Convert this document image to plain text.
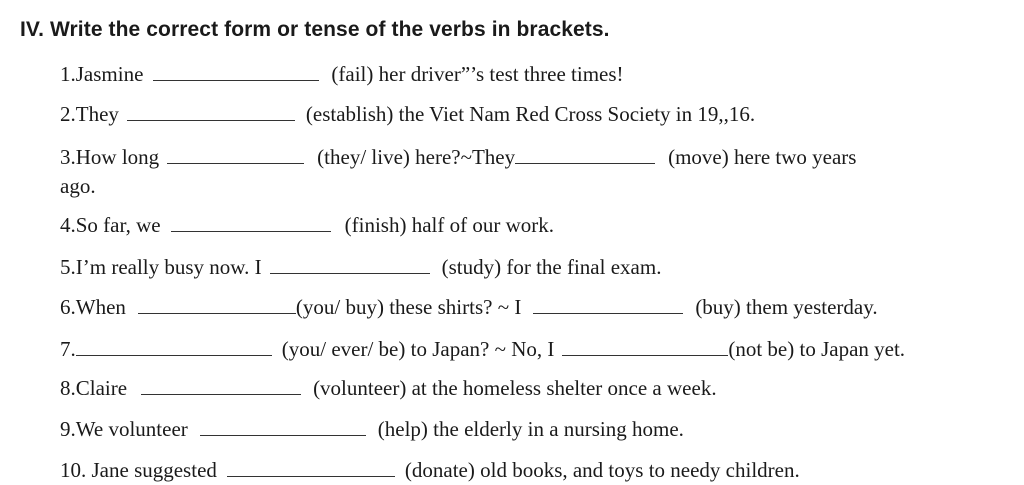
IV. Write the correct form or tense of the verbs in brackets.
1.Jasmine	(fail) her driver”’s test three times!
2.They	(establish) the Viet Nam Red Cross Society in 19,,16.
3.How long	(they/ live) here?~They	(move) here two years
ago.
4.So far, we	(finish) half of our work.
5.I’m really busy now. I	(study) for the final exam.
6.When	(you/ buy) these shirts? ~ I	(buy) them yesterday.
7.	(you/ ever/ be) to Japan? ~ No, I	(not be) to Japan yet.
8.Claire	(volunteer) at the homeless shelter once a week.
9.We volunteer	(help) the elderly in a nursing home.
10. Jane suggested	(donate) old books, and toys to needy children.
